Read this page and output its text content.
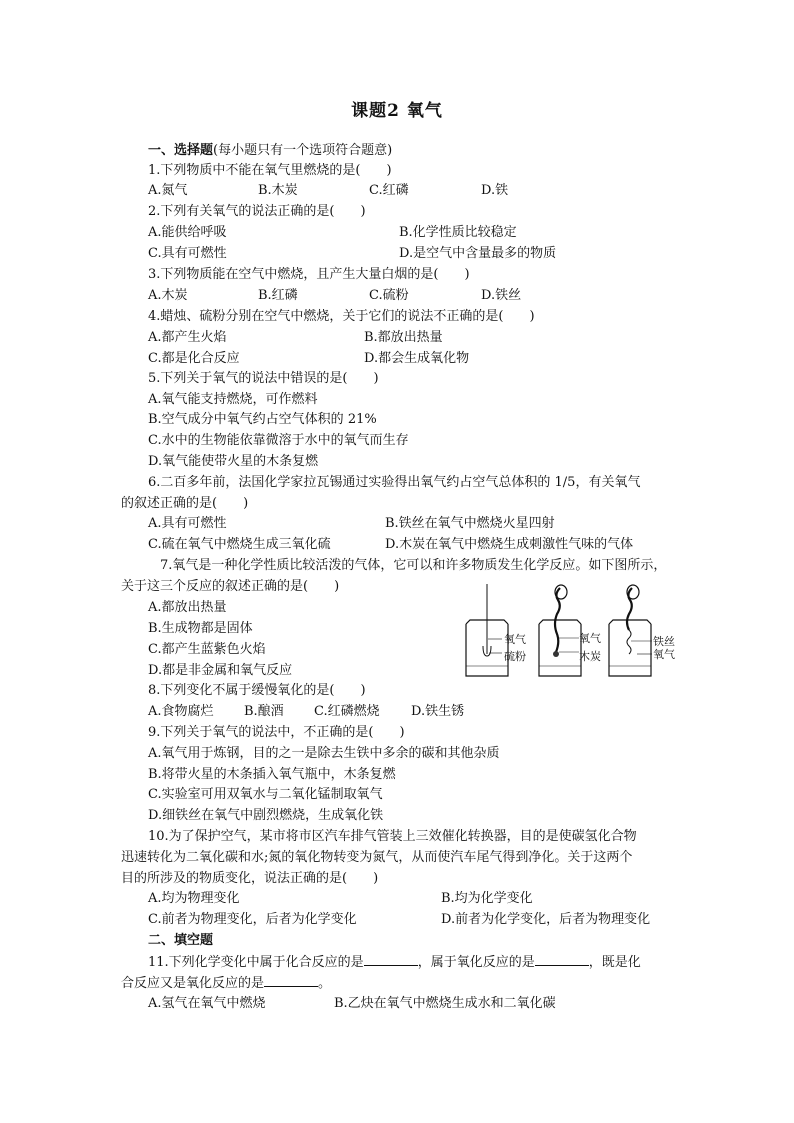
课题2 氧气
一、选择题(每小题只有一个选项符合题意)
1.下列物质中不能在氧气里燃烧的是(　　)
A.氮气	B.木炭	C.红磷	D.铁
2.下列有关氧气的说法正确的是(　　)
A.能供给呼吸	B.化学性质比较稳定
C.具有可燃性	D.是空气中含量最多的物质
3.下列物质能在空气中燃烧，且产生大量白烟的是(　　)
A.木炭	B.红磷	C.硫粉	D.铁丝
4.蜡烛、硫粉分别在空气中燃烧，关于它们的说法不正确的是(　　)
A.都产生火焰	B.都放出热量
C.都是化合反应	D.都会生成氧化物
5.下列关于氧气的说法中错误的是(　　)
A.氧气能支持燃烧，可作燃料
B.空气成分中氧气约占空气体积的 21%
C.水中的生物能依靠微溶于水中的氧气而生存
D.氧气能使带火星的木条复燃
6.二百多年前，法国化学家拉瓦锡通过实验得出氧气约占空气总体积的 1/5，有关氧气
的叙述正确的是(　　)
A.具有可燃性	B.铁丝在氧气中燃烧火星四射
C.硫在氧气中燃烧生成三氧化硫	D.木炭在氧气中燃烧生成刺激性气味的气体
7.氧气是一种化学性质比较活泼的气体，它可以和许多物质发生化学反应。如下图所示，
关于这三个反应的叙述正确的是(　　)
A.都放出热量
B.生成物都是固体
C.都产生蓝紫色火焰
D.都是非金属和氧气反应
氧气
硫粉
氧气
木炭
铁丝
氧气
8.下列变化不属于缓慢氧化的是(　　)
A.食物腐烂 B.酿酒 C.红磷燃烧 D.铁生锈
9.下列关于氧气的说法中，不正确的是(　　)
A.氧气用于炼钢，目的之一是除去生铁中多余的碳和其他杂质
B.将带火星的木条插入氧气瓶中，木条复燃
C.实验室可用双氧水与二氧化锰制取氧气
D.细铁丝在氧气中剧烈燃烧，生成氧化铁
10.为了保护空气，某市将市区汽车排气管装上三效催化转换器，目的是使碳氢化合物
迅速转化为二氧化碳和水;氮的氧化物转变为氮气，从而使汽车尾气得到净化。关于这两个
目的所涉及的物质变化，说法正确的是(　　)
A.均为物理变化	B.均为化学变化
C.前者为物理变化，后者为化学变化	D.前者为化学变化，后者为物理变化
二、填空题
11.下列化学变化中属于化合反应的是	，属于氧化反应的是	，既是化
合反应又是氧化反应的是	。
A.氢气在氧气中燃烧	B.乙炔在氧气中燃烧生成水和二氧化碳
